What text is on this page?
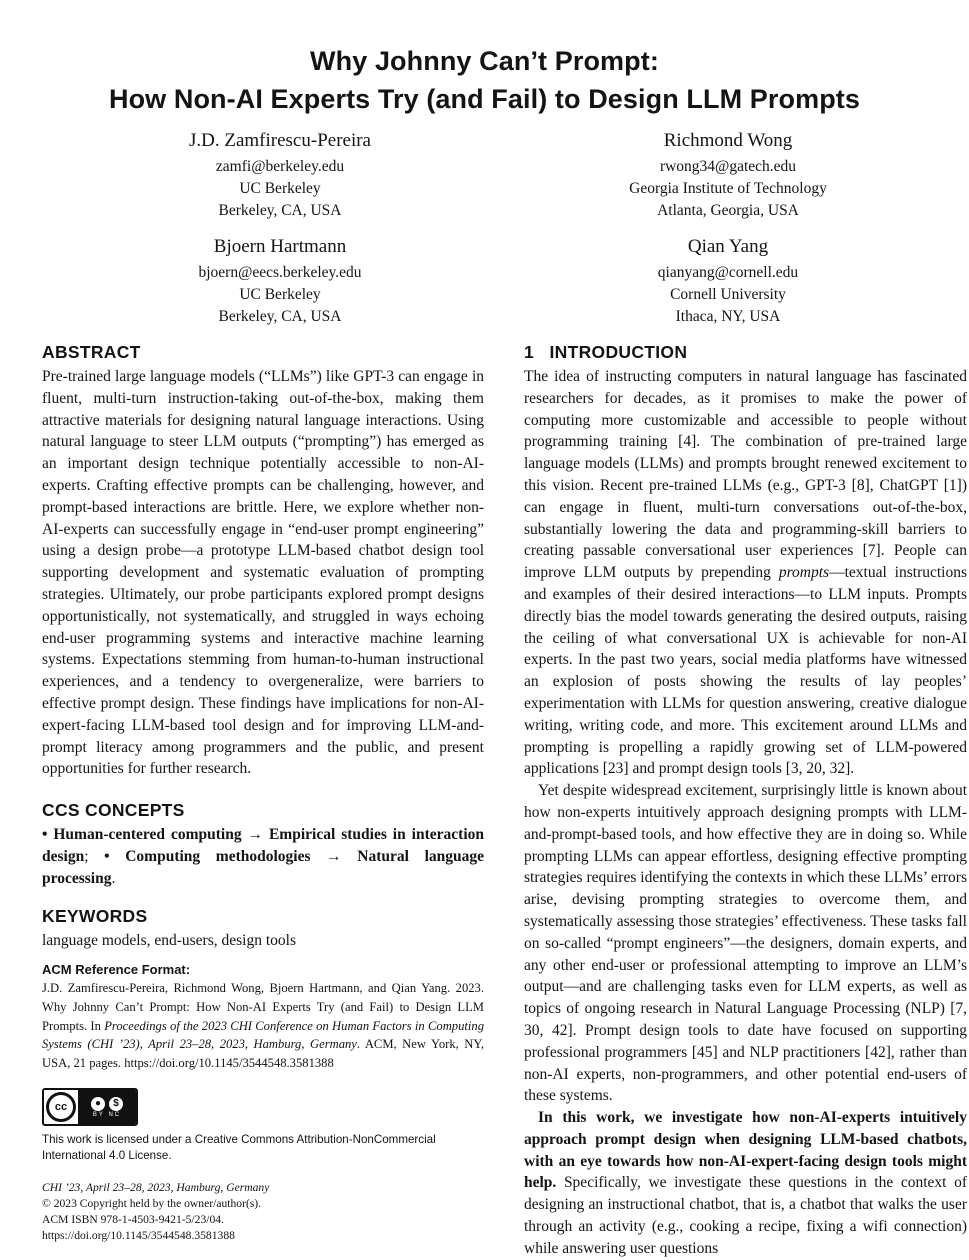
Why Johnny Can’t Prompt:
How Non-AI Experts Try (and Fail) to Design LLM Prompts
J.D. Zamfirescu-Pereira
zamfi@berkeley.edu
UC Berkeley
Berkeley, CA, USA
Richmond Wong
rwong34@gatech.edu
Georgia Institute of Technology
Atlanta, Georgia, USA
Bjoern Hartmann
bjoern@eecs.berkeley.edu
UC Berkeley
Berkeley, CA, USA
Qian Yang
qianyang@cornell.edu
Cornell University
Ithaca, NY, USA
ABSTRACT

Pre-trained large language models (“LLMs”) like GPT-3 can engage in fluent, multi-turn instruction-taking out-of-the-box, making them attractive materials for designing natural language interactions. Using natural language to steer LLM outputs (“prompting”) has emerged as an important design technique potentially accessible to non-AI-experts. Crafting effective prompts can be challenging, however, and prompt-based interactions are brittle. Here, we explore whether non-AI-experts can successfully engage in “end-user prompt engineering” using a design probe—a prototype LLM-based chatbot design tool supporting development and systematic evaluation of prompting strategies. Ultimately, our probe participants explored prompt designs opportunistically, not systematically, and struggled in ways echoing end-user programming systems and interactive machine learning systems. Expectations stemming from human-to-human instructional experiences, and a tendency to overgeneralize, were barriers to effective prompt design. These findings have implications for non-AI-expert-facing LLM-based tool design and for improving LLM-and-prompt literacy among programmers and the public, and present opportunities for further research.

CCS CONCEPTS

• Human-centered computing → Empirical studies in interaction design; • Computing methodologies → Natural language processing.

KEYWORDS

language models, end-users, design tools

ACM Reference Format:
J.D. Zamfirescu-Pereira, Richmond Wong, Bjoern Hartmann, and Qian Yang. 2023. Why Johnny Can’t Prompt: How Non-AI Experts Try (and Fail) to Design LLM Prompts. In Proceedings of the 2023 CHI Conference on Human Factors in Computing Systems (CHI ’23), April 23–28, 2023, Hamburg, Germany. ACM, New York, NY, USA, 21 pages. https://doi.org/10.1145/3544548.3581388
cc	●	$
BY NC
This work is licensed under a Creative Commons Attribution-NonCommercial International 4.0 License.
CHI ’23, April 23–28, 2023, Hamburg, Germany
© 2023 Copyright held by the owner/author(s).
ACM ISBN 978-1-4503-9421-5/23/04.
https://doi.org/10.1145/3544548.3581388
1   INTRODUCTION

The idea of instructing computers in natural language has fascinated researchers for decades, as it promises to make the power of computing more customizable and accessible to people without programming training [4]. The combination of pre-trained large language models (LLMs) and prompts brought renewed excitement to this vision. Recent pre-trained LLMs (e.g., GPT-3 [8], ChatGPT [1]) can engage in fluent, multi-turn conversations out-of-the-box, substantially lowering the data and programming-skill barriers to creating passable conversational user experiences [7]. People can improve LLM outputs by prepending prompts—textual instructions and examples of their desired interactions—to LLM inputs. Prompts directly bias the model towards generating the desired outputs, raising the ceiling of what conversational UX is achievable for non-AI experts. In the past two years, social media platforms have witnessed an explosion of posts showing the results of lay peoples’ experimentation with LLMs for question answering, creative dialogue writing, writing code, and more. This excitement around LLMs and prompting is propelling a rapidly growing set of LLM-powered applications [23] and prompt design tools [3, 20, 32].

Yet despite widespread excitement, surprisingly little is known about how non-experts intuitively approach designing prompts with LLM-and-prompt-based tools, and how effective they are in doing so. While prompting LLMs can appear effortless, designing effective prompting strategies requires identifying the contexts in which these LLMs’ errors arise, devising prompting strategies to overcome them, and systematically assessing those strategies’ effectiveness. These tasks fall on so-called “prompt engineers”—the designers, domain experts, and any other end-user or professional attempting to improve an LLM’s output—and are challenging tasks even for LLM experts, as well as topics of ongoing research in Natural Language Processing (NLP) [7, 30, 42]. Prompt design tools to date have focused on supporting professional programmers [45] and NLP practitioners [42], rather than non-AI experts, non-programmers, and other potential end-users of these systems.

In this work, we investigate how non-AI-experts intuitively approach prompt design when designing LLM-based chatbots, with an eye towards how non-AI-expert-facing design tools might help. Specifically, we investigate these questions in the context of designing an instructional chatbot, that is, a chatbot that walks the user through an activity (e.g., cooking a recipe, fixing a wifi connection) while answering user questions
